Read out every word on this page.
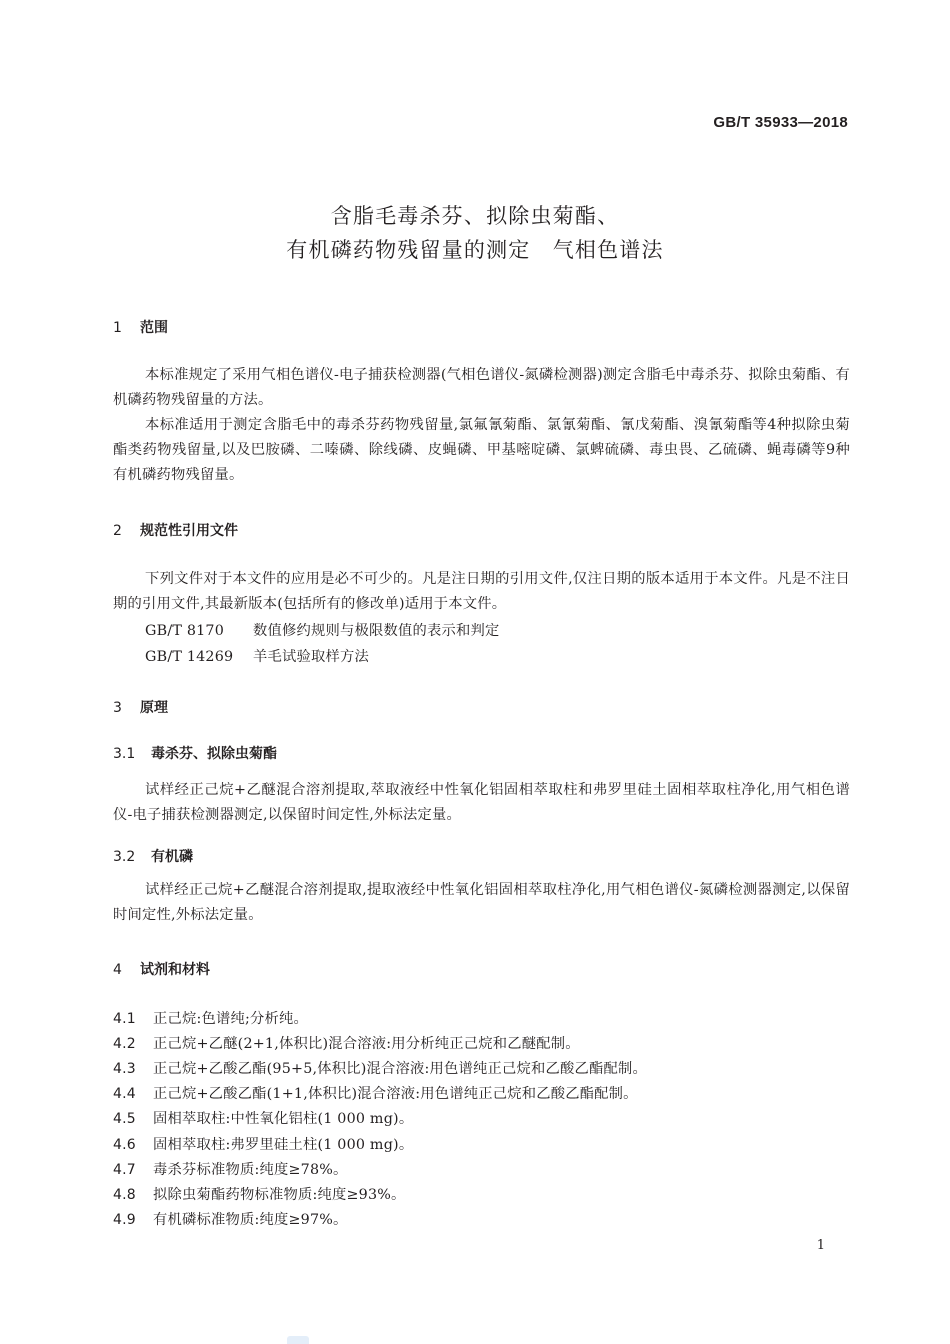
GB/T 35933—2018
含脂毛毒杀芬、拟除虫菊酯、
有机磷药物残留量的测定　气相色谱法
1 范围
本标准规定了采用气相色谱仪-电子捕获检测器(气相色谱仪-氮磷检测器)测定含脂毛中毒杀芬、拟除虫菊酯、有机磷药物残留量的方法。
本标准适用于测定含脂毛中的毒杀芬药物残留量,氯氟氰菊酯、氯氰菊酯、氰戊菊酯、溴氰菊酯等4种拟除虫菊酯类药物残留量,以及巴胺磷、二嗪磷、除线磷、皮蝇磷、甲基嘧啶磷、氯蜱硫磷、毒虫畏、乙硫磷、蝇毒磷等9种有机磷药物残留量。
2 规范性引用文件
下列文件对于本文件的应用是必不可少的。凡是注日期的引用文件,仅注日期的版本适用于本文件。凡是不注日期的引用文件,其最新版本(包括所有的修改单)适用于本文件。
GB/T 8170 数值修约规则与极限数值的表示和判定
GB/T 14269 羊毛试验取样方法
3 原理
3.1 毒杀芬、拟除虫菊酯
试样经正己烷+乙醚混合溶剂提取,萃取液经中性氧化铝固相萃取柱和弗罗里硅土固相萃取柱净化,用气相色谱仪-电子捕获检测器测定,以保留时间定性,外标法定量。
3.2 有机磷
试样经正己烷+乙醚混合溶剂提取,提取液经中性氧化铝固相萃取柱净化,用气相色谱仪-氮磷检测器测定,以保留时间定性,外标法定量。
4 试剂和材料
4.1 正己烷:色谱纯;分析纯。
4.2 正己烷+乙醚(2+1,体积比)混合溶液:用分析纯正己烷和乙醚配制。
4.3 正己烷+乙酸乙酯(95+5,体积比)混合溶液:用色谱纯正己烷和乙酸乙酯配制。
4.4 正己烷+乙酸乙酯(1+1,体积比)混合溶液:用色谱纯正己烷和乙酸乙酯配制。
4.5 固相萃取柱:中性氧化铝柱(1 000 mg)。
4.6 固相萃取柱:弗罗里硅土柱(1 000 mg)。
4.7 毒杀芬标准物质:纯度≥78%。
4.8 拟除虫菊酯药物标准物质:纯度≥93%。
4.9 有机磷标准物质:纯度≥97%。
1
